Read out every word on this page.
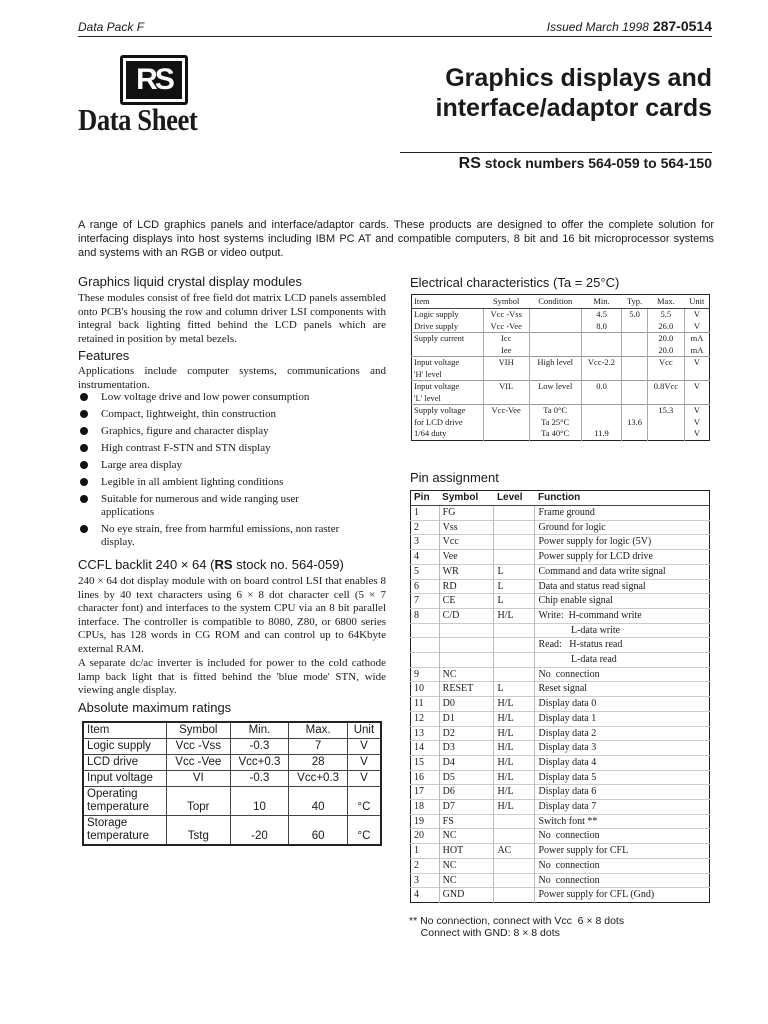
Data Pack F	Issued March 1998 287-0514
RS
Data Sheet
Graphics displays and
interface/adaptor cards
RS stock numbers 564-059 to 564-150
A range of LCD graphics panels and interface/adaptor cards. These products are designed to offer the complete solution for interfacing displays into host systems including IBM PC AT and compatible computers, 8 bit and 16 bit microprocessor systems and systems with an RGB or video output.
Graphics liquid crystal display modules
These modules consist of free field dot matrix LCD panels assembled onto PCB's housing the row and column driver LSI components with integral back lighting fitted behind the LCD panels which are retained in position by metal bezels.
Features
Applications include computer systems, communications and instrumentation.
Low voltage drive and low power consumption
Compact, lightweight, thin construction
Graphics, figure and character display
High contrast F-STN and STN display
Large area display
Legible in all ambient lighting conditions
Suitable for numerous and wide ranging user applications
No eye strain, free from harmful emissions, non raster display.
CCFL backlit 240 × 64 (RS stock no. 564-059)
240 × 64 dot display module with on board control LSI that enables 8 lines by 40 text characters using 6 × 8 dot character cell (5 × 7 character font) and interfaces to the system CPU via an 8 bit parallel interface. The controller is compatible to 8080, Z80, or 6800 series CPUs, has 128 words in CG ROM and can control up to 64Kbyte external RAM.
A separate dc/ac inverter is included for power to the cold cathode lamp back light that is fitted behind the 'blue mode' STN, wide viewing angle display.
Absolute maximum ratings
Item	Symbol	Min.	Max.	Unit
Logic supply	Vcc -Vss	-0.3	7	V
LCD drive	Vcc -Vee	Vcc+0.3	28	V
Input voltage	VI	-0.3	Vcc+0.3	V
Operating temperature	Topr	10	40	°C
Storage temperature	Tstg	-20	60	°C
Electrical characteristics (Ta = 25°C)
Item	Symbol	Condition	Min.	Typ.	Max.	Unit
Logic supply	Vcc -Vss		4.5	5.0	5.5	V
Drive supply	Vcc -Vee		8.0		26.0	V
Supply current	Icc				20.0	mA
	Iee				20.0	mA
Input voltage	VIH	High level	Vcc-2.2		Vcc	V
'H' level						
Input voltage	VIL	Low level	0.0		0.8Vcc	V
'L' level						
Supply voltage	Vcc-Vee	Ta 0°C			15.3	V
for LCD drive		Ta 25°C		13.6		V
1/64 duty		Ta 40°C	11.9			V
Pin assignment
Pin	Symbol	Level	Function
1	FG		Frame ground
2	Vss		Ground for logic
3	Vcc		Power supply for logic (5V)
4	Vee		Power supply for LCD drive
5	WR	L	Command and data write signal
6	RD	L	Data and status read signal
7	CE	L	Chip enable signal
8	C/D	H/L	Write:  H-command write
			L-data write
			Read:   H-status read
			L-data read
9	NC		No  connection
10	RESET	L	Reset signal
11	D0	H/L	Display data 0
12	D1	H/L	Display data 1
13	D2	H/L	Display data 2
14	D3	H/L	Display data 3
15	D4	H/L	Display data 4
16	D5	H/L	Display data 5
17	D6	H/L	Display data 6
18	D7	H/L	Display data 7
19	FS		Switch font **
20	NC		No  connection
1	HOT	AC	Power supply for CFL
2	NC		No  connection
3	NC		No  connection
4	GND		Power supply for CFL (Gnd)
** No connection, connect with Vcc  6 × 8 dots
Connect with GND: 8 × 8 dots
